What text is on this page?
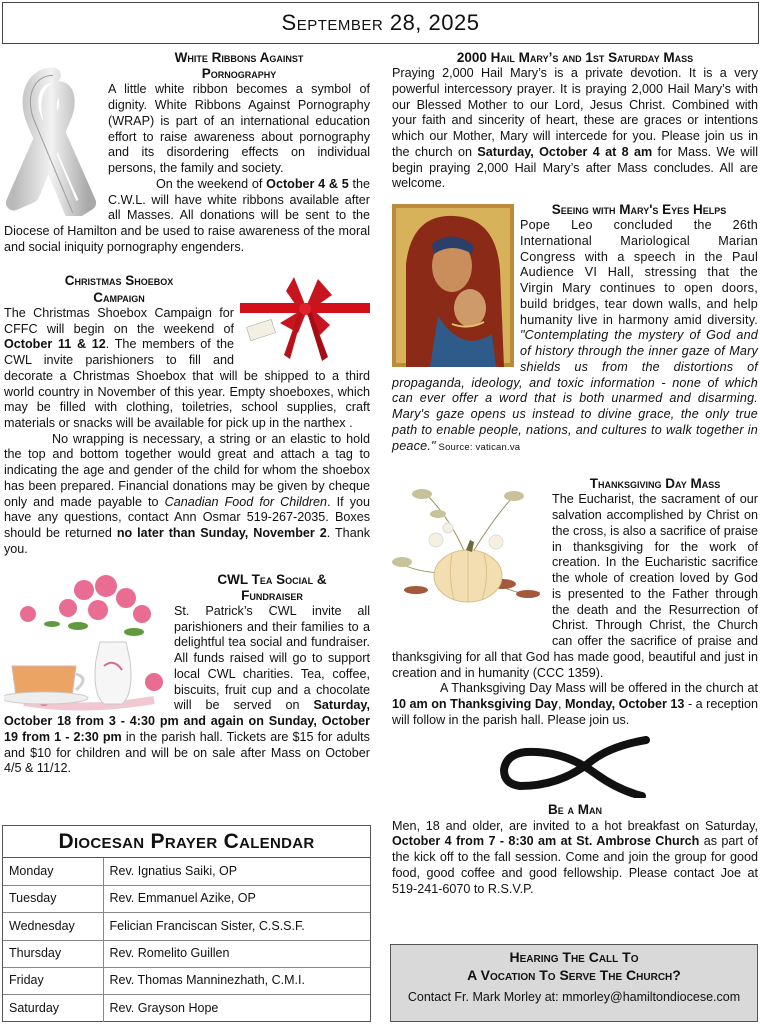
September 28, 2025
White Ribbons Against
Pornography

A little white ribbon becomes a symbol of dignity. White Ribbons Against Pornography (WRAP) is part of an international education effort to raise awareness about pornography and its disordering effects on individual persons, the family and society.

On the weekend of October 4 & 5 the C.W.L. will have white ribbons available after all Masses. All donations will be sent to the Diocese of Hamilton and be used to raise awareness of the moral and social iniquity pornography engenders.

Christmas Shoebox
Campaign

The Christmas Shoebox Campaign for CFFC will begin on the weekend of October 11 & 12. The members of the CWL invite parishioners to fill and decorate a Christmas Shoebox that will be shipped to a third world country in November of this year. Empty shoeboxes, which may be filled with clothing, toiletries, school supplies, craft materials or snacks will be available for pick up in the narthex .

No wrapping is necessary, a string or an elastic to hold the top and bottom together would great and attach a tag to indicating the age and gender of the child for whom the shoebox has been prepared. Financial donations may be given by cheque only and made payable to Canadian Food for Children. If you have any questions, contact Ann Osmar 519-267-2035. Boxes should be returned no later than Sunday, November 2. Thank you.

CWL Tea Social &
Fundraiser

St. Patrick’s CWL invite all parishioners and their families to a delightful tea social and fundraiser. All funds raised will go to support local CWL charities. Tea, coffee, biscuits, fruit cup and a chocolate will be served on Saturday, October 18 from 3 - 4:30 pm and again on Sunday, October 19 from 1 - 2:30 pm in the parish hall. Tickets are $15 for adults and $10 for children and will be on sale after Mass on October 4/5 & 11/12.

Diocesan Prayer Calendar
Monday	Rev. Ignatius Saiki, OP
Tuesday	Rev. Emmanuel Azike, OP
Wednesday	Felician Franciscan Sister, C.S.S.F.
Thursday	Rev. Romelito Guillen
Friday	Rev. Thomas Manninezhath, C.M.I.
Saturday	Rev. Grayson Hope
2000 Hail Mary’s and 1st Saturday Mass

Praying 2,000 Hail Mary’s is a private devotion. It is a very powerful intercessory prayer. It is praying 2,000 Hail Mary’s with our Blessed Mother to our Lord, Jesus Christ. Combined with your faith and sincerity of heart, these are graces or intentions which our Mother, Mary will intercede for you. Please join us in the church on Saturday, October 4 at 8 am for Mass. We will begin praying 2,000 Hail Mary’s after Mass concludes. All are welcome.

Seeing with Mary's Eyes Helps

Pope Leo concluded the 26th International Mariological Marian Congress with a speech in the Paul Audience VI Hall, stressing that the Virgin Mary continues to open doors, build bridges, tear down walls, and help humanity live in harmony amid diversity. "Contemplating the mystery of God and of history through the inner gaze of Mary shields us from the distortions of propaganda, ideology, and toxic information - none of which can ever offer a word that is both unarmed and disarming. Mary's gaze opens us instead to divine grace, the only true path to enable people, nations, and cultures to walk together in peace." Source: vatican.va

Thanksgiving Day Mass

The Eucharist, the sacrament of our salvation accomplished by Christ on the cross, is also a sacrifice of praise in thanksgiving for the work of creation. In the Eucharistic sacrifice the whole of creation loved by God is presented to the Father through the death and the Resurrection of Christ. Through Christ, the Church can offer the sacrifice of praise and thanksgiving for all that God has made good, beautiful and just in creation and in humanity (CCC 1359).

A Thanksgiving Day Mass will be offered in the church at 10 am on Thanksgiving Day, Monday, October 13 - a reception will follow in the parish hall. Please join us.

Be a Man

Men, 18 and older, are invited to a hot breakfast on Saturday, October 4 from 7 - 8:30 am at St. Ambrose Church as part of the kick off to the fall session. Come and join the group for good food, good coffee and good fellowship. Please contact Joe at 519-241-6070 to R.S.V.P.

Hearing The Call To
A Vocation To Serve The Church?
Contact Fr. Mark Morley at: mmorley@hamiltondiocese.com
